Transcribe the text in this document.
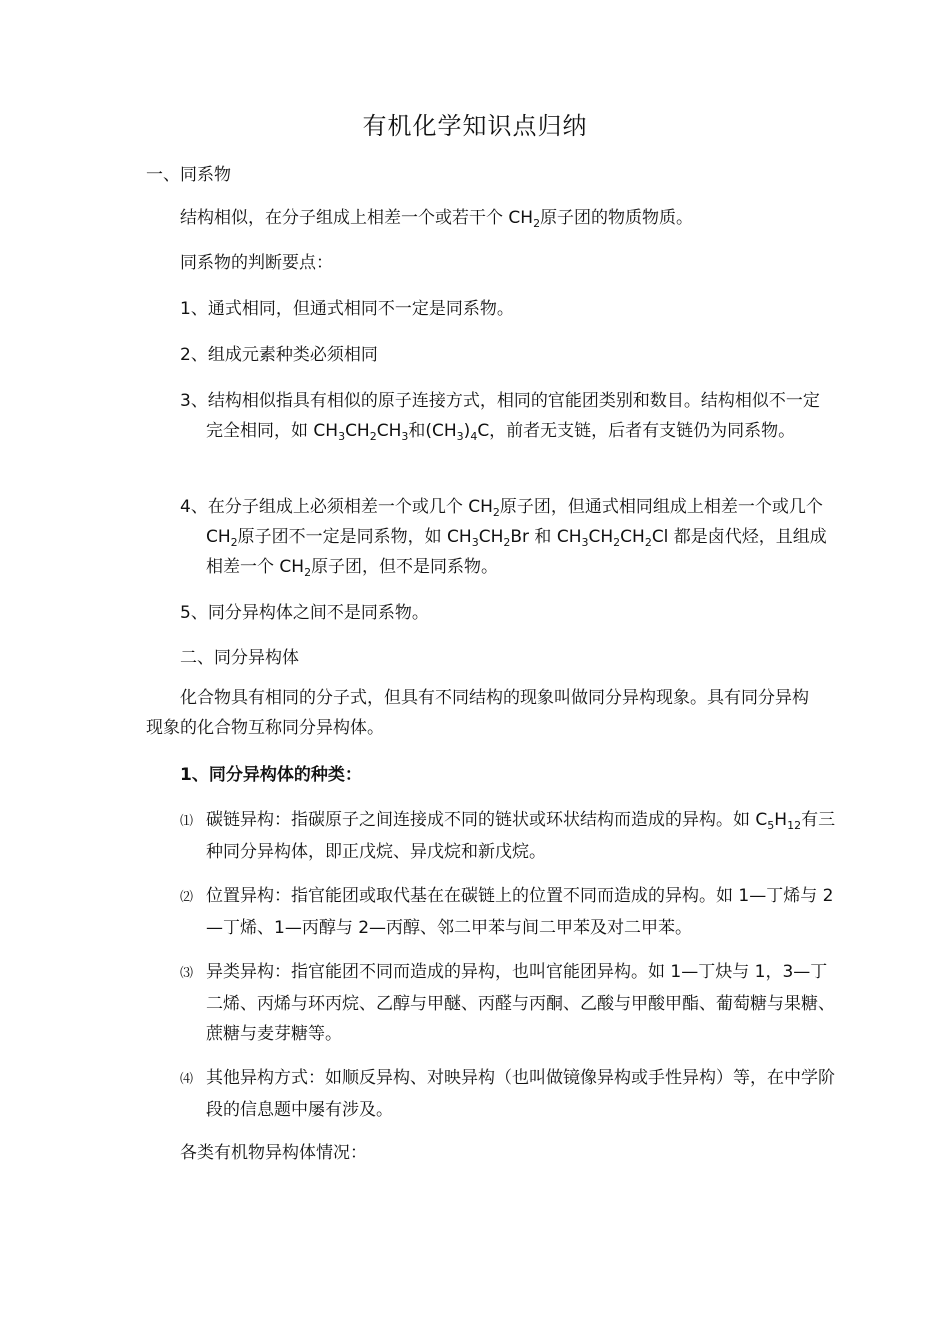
有机化学知识点归纳
一、同系物
结构相似，在分子组成上相差一个或若干个 $CH_2$原子团的物质物质。
同系物的判断要点：
1、通式相同，但通式相同不一定是同系物。
2、组成元素种类必须相同
3、结构相似指具有相似的原子连接方式，相同的官能团类别和数目。结构相似不一定完全相同，如 $CH_3CH_2CH_3$和$(CH_3)_4C$，前者无支链，后者有支链仍为同系物。
4、在分子组成上必须相差一个或几个 $CH_2$原子团，但通式相同组成上相差一个或几个 $CH_2$原子团不一定是同系物，如 $CH_3CH_2Br$ 和 $CH_3CH_2CH_2Cl$ 都是卤代烃，且组成相差一个 $CH_2$原子团，但不是同系物。
5、同分异构体之间不是同系物。
二、同分异构体
化合物具有相同的分子式，但具有不同结构的现象叫做同分异构现象。具有同分异构现象的化合物互称同分异构体。
1、同分异构体的种类：
⑴ 碳链异构：指碳原子之间连接成不同的链状或环状结构而造成的异构。如 $C_5H_{12}$有三种同分异构体，即正戊烷、异戊烷和新戊烷。
⑵ 位置异构：指官能团或取代基在在碳链上的位置不同而造成的异构。如 1—丁烯与 2—丁烯、1—丙醇与 2—丙醇、邻二甲苯与间二甲苯及对二甲苯。
⑶ 异类异构：指官能团不同而造成的异构，也叫官能团异构。如 1—丁炔与 1，3—丁二烯、丙烯与环丙烷、乙醇与甲醚、丙醛与丙酮、乙酸与甲酸甲酯、葡萄糖与果糖、蔗糖与麦芽糖等。
⑷ 其他异构方式：如顺反异构、对映异构（也叫做镜像异构或手性异构）等，在中学阶段的信息题中屡有涉及。
各类有机物异构体情况：
